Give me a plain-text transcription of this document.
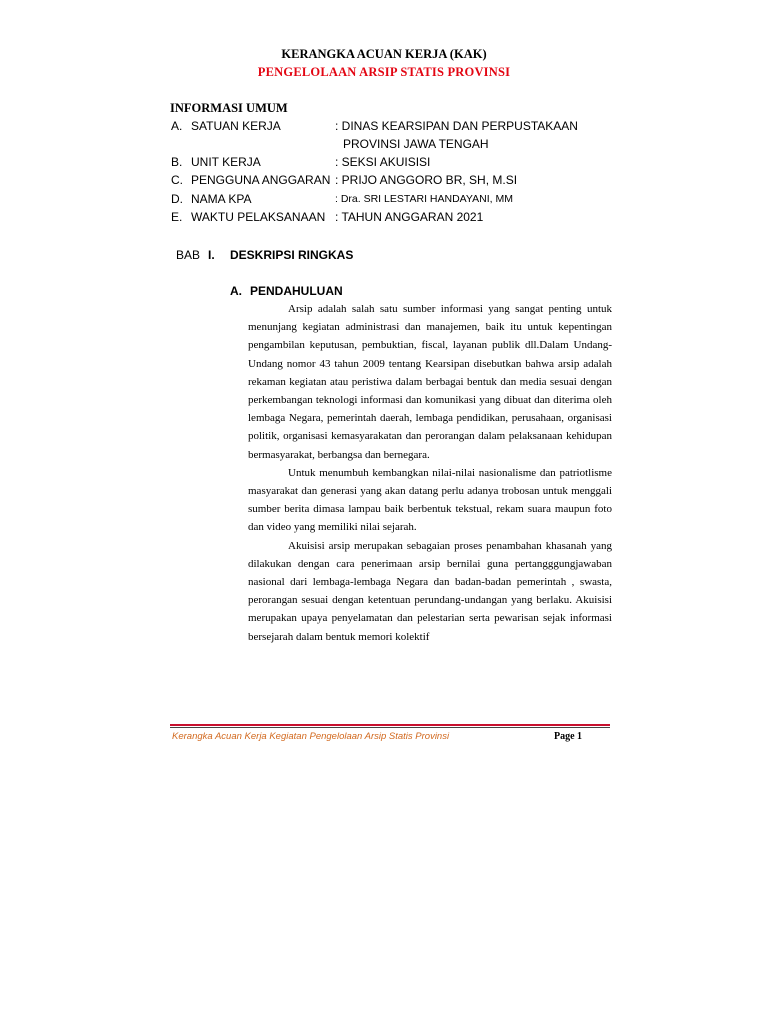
KERANGKA ACUAN KERJA (KAK)
PENGELOLAAN ARSIP STATIS PROVINSI
INFORMASI UMUM
A. SATUAN KERJA	: DINAS KEARSIPAN DAN PERPUSTAKAAN
PROVINSI JAWA TENGAH
B. UNIT KERJA	: SEKSI AKUISISI
C. PENGGUNA ANGGARAN : PRIJO ANGGORO BR, SH, M.SI
D. NAMA KPA	: Dra. SRI LESTARI HANDAYANI, MM
E. WAKTU PELAKSANAAN : TAHUN ANGGARAN 2021
BAB I. DESKRIPSI RINGKAS
A. PENDAHULUAN

Arsip adalah salah satu sumber informasi yang sangat penting untuk menunjang kegiatan administrasi dan manajemen, baik itu untuk kepentingan pengambilan keputusan, pembuktian, fiscal, layanan publik dll.Dalam Undang-Undang nomor 43 tahun 2009 tentang Kearsipan disebutkan bahwa arsip adalah rekaman kegiatan atau peristiwa dalam berbagai bentuk dan media sesuai dengan perkembangan teknologi informasi dan komunikasi yang dibuat dan diterima oleh lembaga Negara, pemerintah daerah, lembaga pendidikan, perusahaan, organisasi politik, organisasi kemasyarakatan dan perorangan dalam pelaksanaan kehidupan bermasyarakat, berbangsa dan bernegara.

Untuk menumbuh kembangkan nilai-nilai nasionalisme dan patriotlisme masyarakat dan generasi yang akan datang perlu adanya trobosan untuk menggali sumber berita dimasa lampau baik berbentuk tekstual, rekam suara maupun foto dan video yang memiliki nilai sejarah.

Akuisisi arsip merupakan sebagaian proses penambahan khasanah yang dilakukan dengan cara penerimaan arsip bernilai guna pertangggungjawaban nasional dari lembaga-lembaga Negara dan badan-badan pemerintah , swasta, perorangan sesuai dengan ketentuan perundang-undangan yang berlaku. Akuisisi merupakan upaya penyelamatan dan pelestarian serta pewarisan sejak informasi bersejarah dalam bentuk memori kolektif

Kerangka Acuan Kerja Kegiatan Pengelolaan Arsip Statis Provinsi	Page 1
